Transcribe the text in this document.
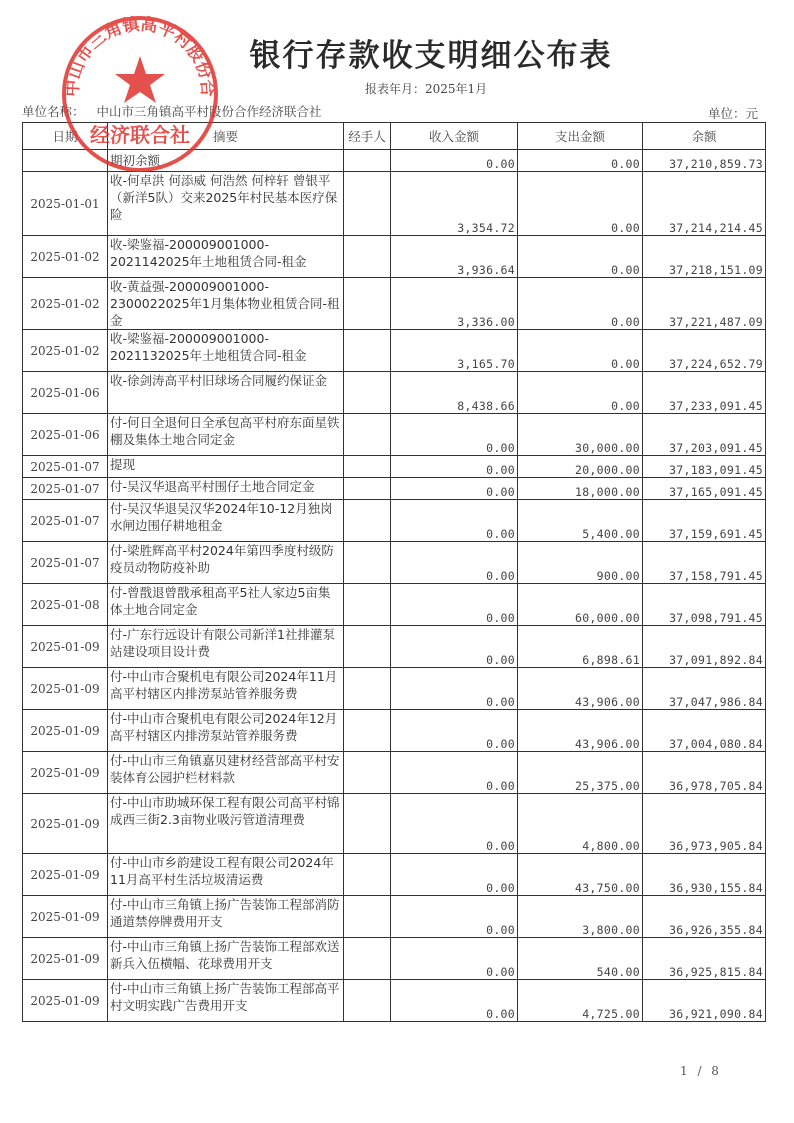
银行存款收支明细公布表
报表年月：2025年1月
单位名称： 中山市三角镇高平村股份合作经济联合社	单位：元
日期	摘要	经手人	收入金额	支出金额	余额
	期初余额		0.00	0.00	37,210,859.73
2025-01-01	收-何卓洪 何添威 何浩然 何梓轩 曾银平（新洋5队）交来2025年村民基本医疗保险		3,354.72	0.00	37,214,214.45
2025-01-02	收-梁鉴福-200009001000-2021142025年土地租赁合同-租金		3,936.64	0.00	37,218,151.09
2025-01-02	收-黄益强-200009001000-2300022025年1月集体物业租赁合同-租金		3,336.00	0.00	37,221,487.09
2025-01-02	收-梁鉴福-200009001000-2021132025年土地租赁合同-租金		3,165.70	0.00	37,224,652.79
2025-01-06	收-徐剑涛高平村旧球场合同履约保证金		8,438.66	0.00	37,233,091.45
2025-01-06	付-何日全退何日全承包高平村府东面星铁棚及集体土地合同定金		0.00	30,000.00	37,203,091.45
2025-01-07	提现		0.00	20,000.00	37,183,091.45
2025-01-07	付-吴汉华退高平村围仔土地合同定金		0.00	18,000.00	37,165,091.45
2025-01-07	付-吴汉华退吴汉华2024年10-12月独岗水闸边围仔耕地租金		0.00	5,400.00	37,159,691.45
2025-01-07	付-梁胜辉高平村2024年第四季度村级防疫员动物防疫补助		0.00	900.00	37,158,791.45
2025-01-08	付-曾戬退曾戬承租高平5社人家边5亩集体土地合同定金		0.00	60,000.00	37,098,791.45
2025-01-09	付-广东行远设计有限公司新洋1社排灌泵站建设项目设计费		0.00	6,898.61	37,091,892.84
2025-01-09	付-中山市合聚机电有限公司2024年11月高平村辖区内排涝泵站管养服务费		0.00	43,906.00	37,047,986.84
2025-01-09	付-中山市合聚机电有限公司2024年12月高平村辖区内排涝泵站管养服务费		0.00	43,906.00	37,004,080.84
2025-01-09	付-中山市三角镇嘉贝建材经营部高平村安装体育公园护栏材料款		0.00	25,375.00	36,978,705.84
2025-01-09	付-中山市助城环保工程有限公司高平村锦成西三街2.3亩物业吸污管道清理费		0.00	4,800.00	36,973,905.84
2025-01-09	付-中山市乡韵建设工程有限公司2024年11月高平村生活垃圾清运费		0.00	43,750.00	36,930,155.84
2025-01-09	付-中山市三角镇上扬广告装饰工程部消防通道禁停牌费用开支		0.00	3,800.00	36,926,355.84
2025-01-09	付-中山市三角镇上扬广告装饰工程部欢送新兵入伍横幅、花球费用开支		0.00	540.00	36,925,815.84
2025-01-09	付-中山市三角镇上扬广告装饰工程部高平村文明实践广告费用开支		0.00	4,725.00	36,921,090.84
中山市三角镇高平村股份合
经济联合社
1 / 8
